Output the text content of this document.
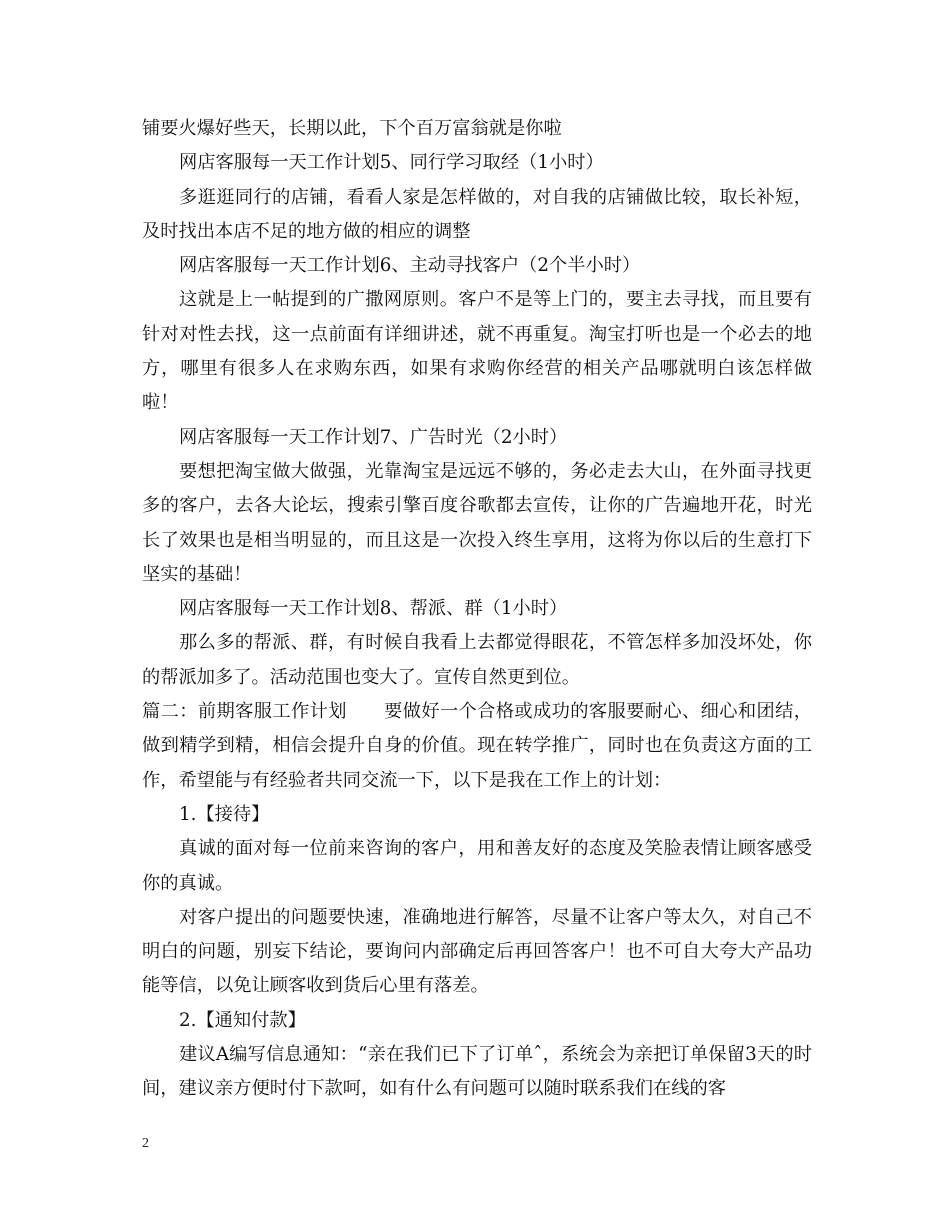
铺要火爆好些天，长期以此，下个百万富翁就是你啦

网店客服每一天工作计划5、同行学习取经（1小时）

多逛逛同行的店铺，看看人家是怎样做的，对自我的店铺做比较，取长补短，及时找出本店不足的地方做的相应的调整

网店客服每一天工作计划6、主动寻找客户（2个半小时）

这就是上一帖提到的广撒网原则。客户不是等上门的，要主去寻找，而且要有针对对性去找，这一点前面有详细讲述，就不再重复。淘宝打听也是一个必去的地方，哪里有很多人在求购东西，如果有求购你经营的相关产品哪就明白该怎样做啦！

网店客服每一天工作计划7、广告时光（2小时）

要想把淘宝做大做强，光靠淘宝是远远不够的，务必走去大山，在外面寻找更多的客户，去各大论坛，搜索引擎百度谷歌都去宣传，让你的广告遍地开花，时光长了效果也是相当明显的，而且这是一次投入终生享用，这将为你以后的生意打下坚实的基础！

网店客服每一天工作计划8、帮派、群（1小时）

那么多的帮派、群，有时候自我看上去都觉得眼花，不管怎样多加没坏处，你的帮派加多了。活动范围也变大了。宣传自然更到位。

篇二：前期客服工作计划　　要做好一个合格或成功的客服要耐心、细心和团结，做到精学到精，相信会提升自身的价值。现在转学推广，同时也在负责这方面的工作，希望能与有经验者共同交流一下，以下是我在工作上的计划：

1.【接待】

真诚的面对每一位前来咨询的客户，用和善友好的态度及笑脸表情让顾客感受你的真诚。

对客户提出的问题要快速，准确地进行解答，尽量不让客户等太久，对自己不明白的问题，别妄下结论，要询问内部确定后再回答客户！也不可自大夸大产品功能等信，以免让顾客收到货后心里有落差。

2.【通知付款】

建议A编写信息通知：“亲在我们已下了订单ˆ，系统会为亲把订单保留3天的时间，建议亲方便时付下款呵，如有什么有问题可以随时联系我们在线的客

2
